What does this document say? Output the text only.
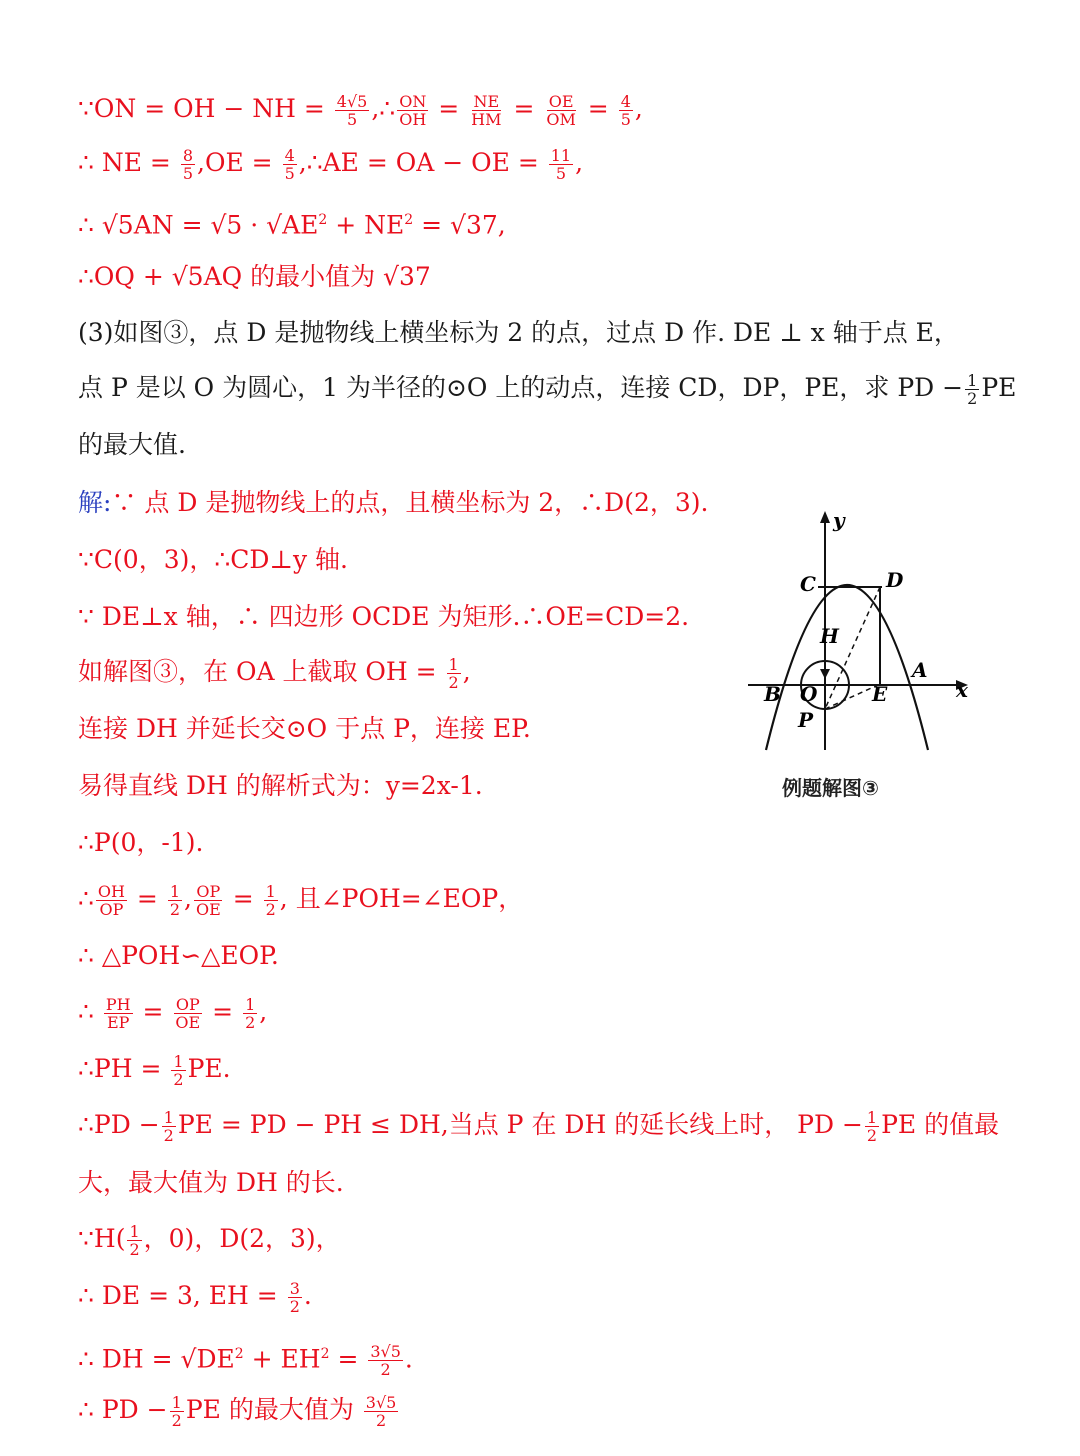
∵ON = OH − NH = $\frac{4√5}{5}$ ,∴ $\frac{ON}{OH} = \frac{NE}{HM} = \frac{OE}{OM} = \frac{4}{5}$ ,
∴ NE = $\frac{8}{5} ,OE = \frac{4}{5}$ ,∴AE = OA − OE = $\frac{11}{5}$ ,
∴ $√5AN = √5 \cdot √AE^2 + NE^2 = √37$,
∴OQ + √5AQ 的最小值为 √37
(3)如图③，点 D 是抛物线上横坐标为 2 的点，过点 D 作. DE ⊥ x 轴于点 E，
点 P 是以 O 为圆心，1 为半径的⊙O 上的动点，连接 CD，DP，PE，求 PD − $\frac{1}{2}$ PE
的最大值.
解:∵ 点 D 是抛物线上的点，且横坐标为 2，∴D(2，3).
∵C(0，3)，∴CD⊥y 轴.
∵ DE⊥x 轴，∴ 四边形 OCDE 为矩形.∴OE=CD=2.
如解图③，在 OA 上截取 OH = $\frac{1}{2}$ ,
连接 DH 并延长交⊙O 于点 P，连接 EP.
易得直线 DH 的解析式为：y=2x-1.
∴P(0，-1).
∴ $\frac{OH}{OP} = \frac{1}{2}$ , $\frac{OP}{OE} = \frac{1}{2}$ , 且∠POH=∠EOP，
∴ △POH∽△EOP.
∴ $\frac{PH}{EP} = \frac{OP}{OE} = \frac{1}{2}$ ,
∴PH = $\frac{1}{2}$ PE.
∴PD − $\frac{1}{2}$ PE = PD − PH ≤ DH,当点 P 在 DH 的延长线上时， PD − $\frac{1}{2}$ PE 的值最
大，最大值为 DH 的长.
∵H( $\frac{1}{2}$ ，0)，D(2，3)，
∴ DE = 3, EH = $\frac{3}{2}$ .
∴ DH = $√DE^2 + EH^2 = \frac{3√5}{2}$ .
∴ PD − $\frac{1}{2}$ PE 的最大值为 $\frac{3√5}{2}$
y
x
C	D
H
A
B O	E
P
例题解图③
